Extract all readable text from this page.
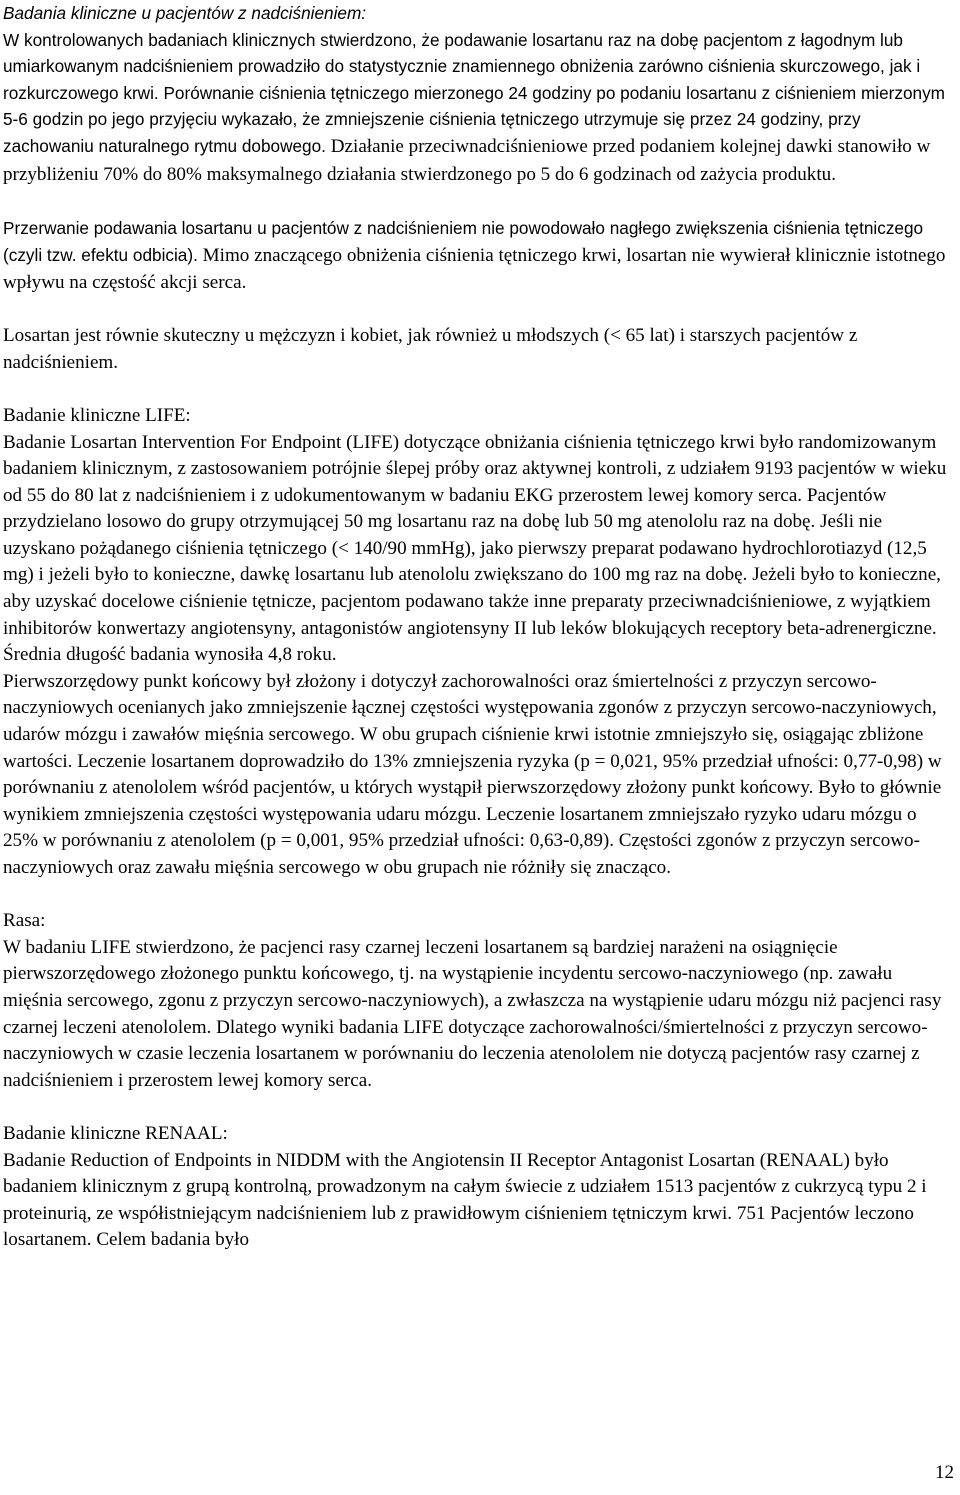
Badania kliniczne u pacjentów z nadciśnieniem:
W kontrolowanych badaniach klinicznych stwierdzono, że podawanie losartanu raz na dobę pacjentom z łagodnym lub umiarkowanym nadciśnieniem prowadziło do statystycznie znamiennego obniżenia zarówno ciśnienia skurczowego, jak i rozkurczowego krwi. Porównanie ciśnienia tętniczego mierzonego 24 godziny po podaniu losartanu z ciśnieniem mierzonym 5-6 godzin po jego przyjęciu wykazało, że zmniejszenie ciśnienia tętniczego utrzymuje się przez 24 godziny, przy zachowaniu naturalnego rytmu dobowego. Działanie przeciwnadciśnieniowe przed podaniem kolejnej dawki stanowiło w przybliżeniu 70% do 80% maksymalnego działania stwierdzonego po 5 do 6 godzinach od zażycia produktu.

Przerwanie podawania losartanu u pacjentów z nadciśnieniem nie powodowało nagłego zwiększenia ciśnienia tętniczego (czyli tzw. efektu odbicia). Mimo znaczącego obniżenia ciśnienia tętniczego krwi, losartan nie wywierał klinicznie istotnego wpływu na częstość akcji serca.

Losartan jest równie skuteczny u mężczyzn i kobiet, jak również u młodszych (< 65 lat) i starszych pacjentów z nadciśnieniem.

Badanie kliniczne LIFE:

Badanie Losartan Intervention For Endpoint (LIFE) dotyczące obniżania ciśnienia tętniczego krwi było randomizowanym badaniem klinicznym, z zastosowaniem potrójnie ślepej próby oraz aktywnej kontroli, z udziałem 9193 pacjentów w wieku od 55 do 80 lat z nadciśnieniem i z udokumentowanym w badaniu EKG przerostem lewej komory serca. Pacjentów przydzielano losowo do grupy otrzymującej 50 mg losartanu raz na dobę lub 50 mg atenololu raz na dobę. Jeśli nie uzyskano pożądanego ciśnienia tętniczego (< 140/90 mmHg), jako pierwszy preparat podawano hydrochlorotiazyd (12,5 mg) i jeżeli było to konieczne, dawkę losartanu lub atenololu zwiększano do 100 mg raz na dobę. Jeżeli było to konieczne, aby uzyskać docelowe ciśnienie tętnicze, pacjentom podawano także inne preparaty przeciwnadciśnieniowe, z wyjątkiem inhibitorów konwertazy angiotensyny, antagonistów angiotensyny II lub leków blokujących receptory beta-adrenergiczne. Średnia długość badania wynosiła 4,8 roku.

Pierwszorzędowy punkt końcowy był złożony i dotyczył zachorowalności oraz śmiertelności z przyczyn sercowo-naczyniowych ocenianych jako zmniejszenie łącznej częstości występowania zgonów z przyczyn sercowo-naczyniowych, udarów mózgu i zawałów mięśnia sercowego. W obu grupach ciśnienie krwi istotnie zmniejszyło się, osiągając zbliżone wartości. Leczenie losartanem doprowadziło do 13% zmniejszenia ryzyka (p = 0,021, 95% przedział ufności: 0,77-0,98) w porównaniu z atenololem wśród pacjentów, u których wystąpił pierwszorzędowy złożony punkt końcowy. Było to głównie wynikiem zmniejszenia częstości występowania udaru mózgu. Leczenie losartanem zmniejszało ryzyko udaru mózgu o 25% w porównaniu z atenololem (p = 0,001, 95% przedział ufności: 0,63-0,89). Częstości zgonów z przyczyn sercowo-naczyniowych oraz zawału mięśnia sercowego w obu grupach nie różniły się znacząco.

Rasa:

W badaniu LIFE stwierdzono, że pacjenci rasy czarnej leczeni losartanem są bardziej narażeni na osiągnięcie pierwszorzędowego złożonego punktu końcowego, tj. na wystąpienie incydentu sercowo-naczyniowego (np. zawału mięśnia sercowego, zgonu z przyczyn sercowo-naczyniowych), a zwłaszcza na wystąpienie udaru mózgu niż pacjenci rasy czarnej leczeni atenololem. Dlatego wyniki badania LIFE dotyczące zachorowalności/śmiertelności z przyczyn sercowo-naczyniowych w czasie leczenia losartanem w porównaniu do leczenia atenololem nie dotyczą pacjentów rasy czarnej z nadciśnieniem i przerostem lewej komory serca.

Badanie kliniczne RENAAL:

Badanie Reduction of Endpoints in NIDDM with the Angiotensin II Receptor Antagonist Losartan (RENAAL) było badaniem klinicznym z grupą kontrolną, prowadzonym na całym świecie z udziałem 1513 pacjentów z cukrzycą typu 2 i proteinurią, ze współistniejącym nadciśnieniem lub z prawidłowym ciśnieniem tętniczym krwi. 751 Pacjentów leczono losartanem. Celem badania było

12
